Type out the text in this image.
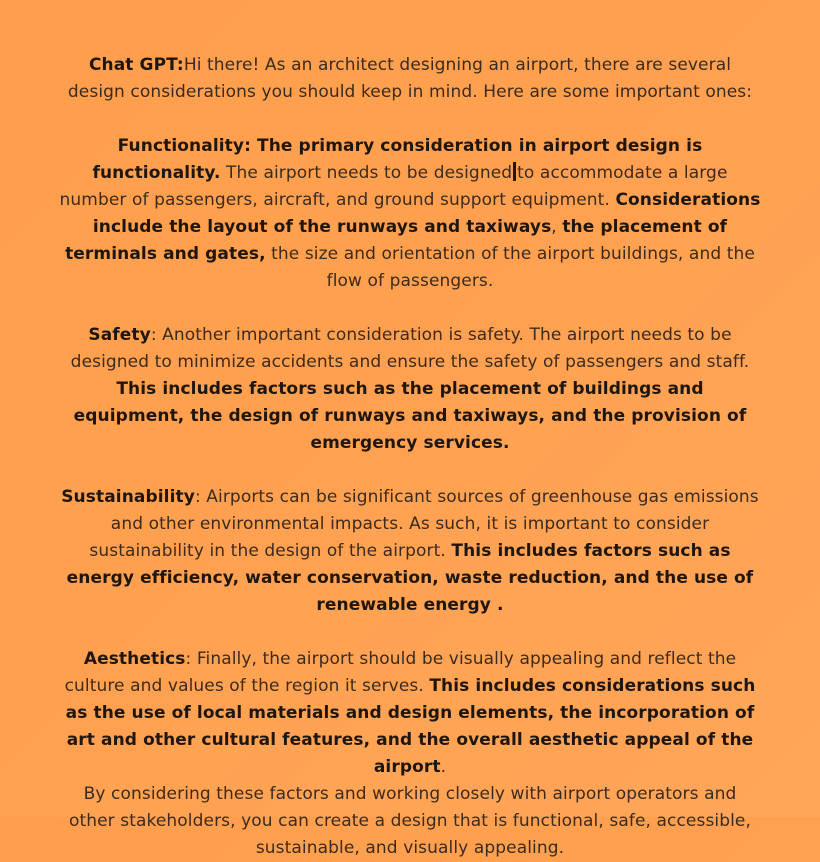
Chat GPT:Hi there! As an architect designing an airport, there are several design considerations you should keep in mind. Here are some important ones:

Functionality: The primary consideration in airport design is functionality. The airport needs to be designed to accommodate a large number of passengers, aircraft, and ground support equipment. Considerations include the layout of the runways and taxiways, the placement of terminals and gates, the size and orientation of the airport buildings, and the flow of passengers.

Safety: Another important consideration is safety. The airport needs to be designed to minimize accidents and ensure the safety of passengers and staff. This includes factors such as the placement of buildings and equipment, the design of runways and taxiways, and the provision of emergency services.

Sustainability: Airports can be significant sources of greenhouse gas emissions and other environmental impacts. As such, it is important to consider sustainability in the design of the airport. This includes factors such as energy efficiency, water conservation, waste reduction, and the use of renewable energy .

Aesthetics: Finally, the airport should be visually appealing and reflect the culture and values of the region it serves. This includes considerations such as the use of local materials and design elements, the incorporation of art and other cultural features, and the overall aesthetic appeal of the airport.

By considering these factors and working closely with airport operators and other stakeholders, you can create a design that is functional, safe, accessible, sustainable, and visually appealing.
